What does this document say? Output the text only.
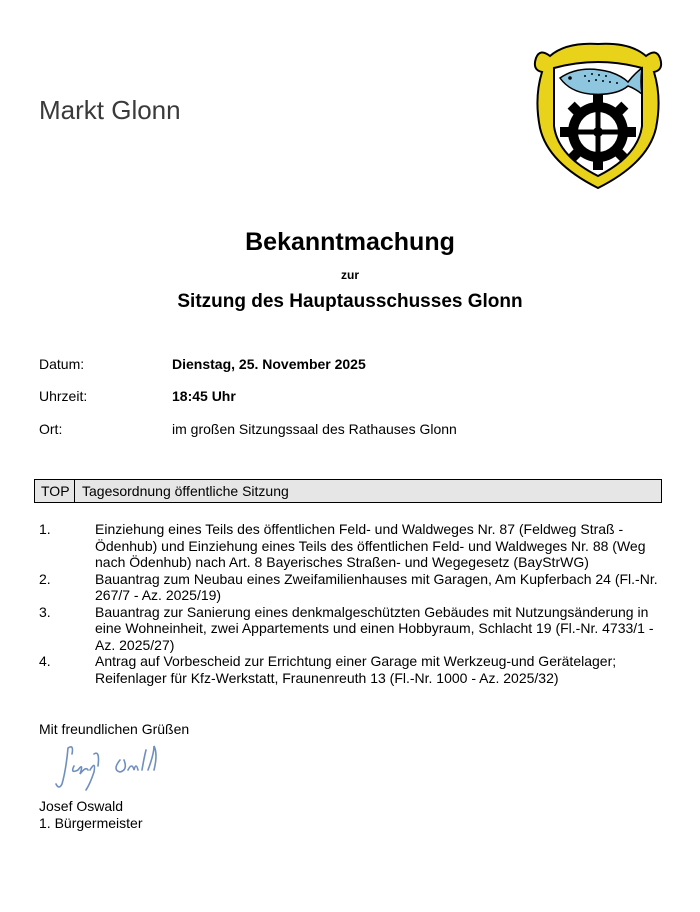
Markt Glonn
Bekanntmachung
zur
Sitzung des Hauptausschusses Glonn
Datum:	Dienstag, 25. November 2025
Uhrzeit:	18:45 Uhr
Ort:	im großen Sitzungssaal des Rathauses Glonn
TOP Tagesordnung öffentliche Sitzung
1.	Einziehung eines Teils des öffentlichen Feld- und Waldweges Nr. 87 (Feldweg Straß - Ödenhub) und Einziehung eines Teils des öffentlichen Feld- und Waldweges Nr. 88 (Weg nach Ödenhub) nach Art. 8 Bayerisches Straßen- und Wegegesetz (BayStrWG)
2.	Bauantrag zum Neubau eines Zweifamilienhauses mit Garagen, Am Kupferbach 24 (Fl.-Nr. 267/7 - Az. 2025/19)
3.	Bauantrag zur Sanierung eines denkmalgeschützten Gebäudes mit Nutzungsänderung in eine Wohneinheit, zwei Appartements und einen Hobbyraum, Schlacht 19 (Fl.-Nr. 4733/1 - Az. 2025/27)
4.	Antrag auf Vorbescheid zur Errichtung einer Garage mit Werkzeug-und Gerätelager; Reifenlager für Kfz-Werkstatt, Fraunenreuth 13 (Fl.-Nr. 1000 - Az. 2025/32)
Mit freundlichen Grüßen
Josef Oswald
1. Bürgermeister
